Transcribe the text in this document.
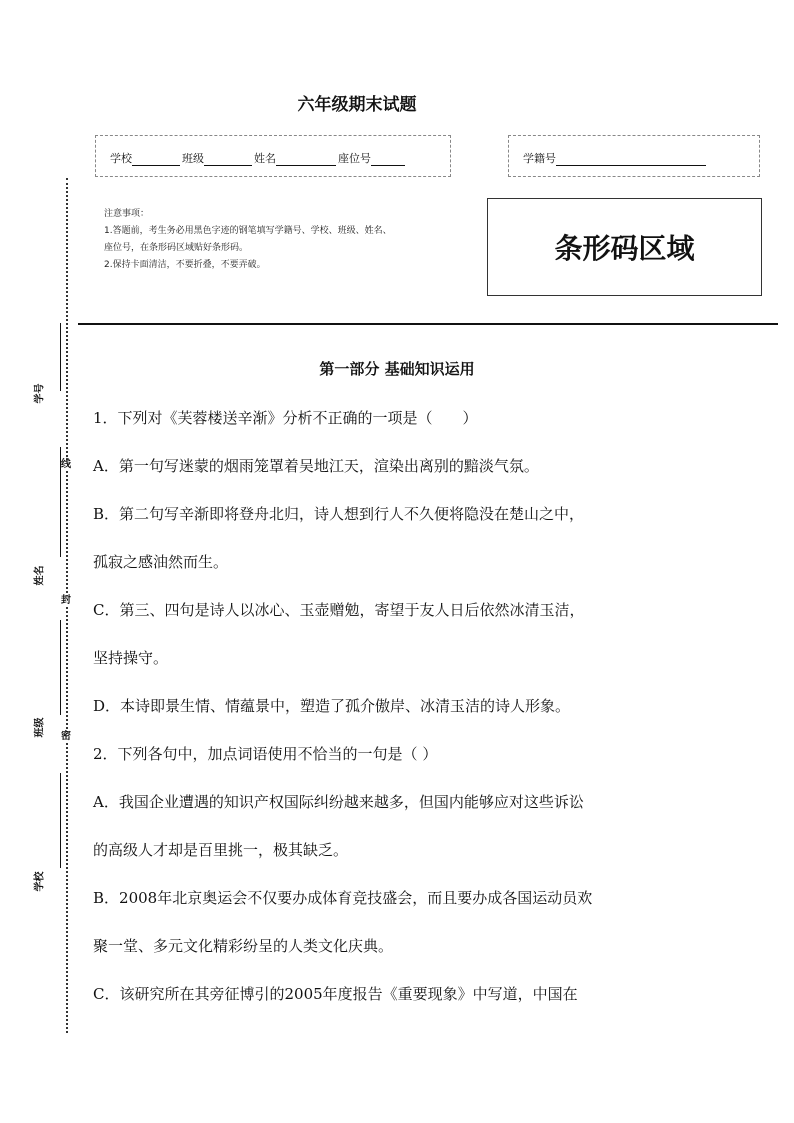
六年级期末试题
学校	班级	姓名	座位号	学籍号
注意事项：
1.答题前，考生务必用黑色字迹的钢笔填写学籍号、学校、班级、姓名、
座位号，在条形码区域贴好条形码。
2.保持卡面清洁，不要折叠，不要弄破。	条形码区域
线
封
密
学号
姓名
班级
学校
第一部分 基础知识运用
1．下列对《芙蓉楼送辛渐》分析不正确的一项是（　　）
A．第一句写迷蒙的烟雨笼罩着吴地江天，渲染出离别的黯淡气氛。
B．第二句写辛渐即将登舟北归，诗人想到行人不久便将隐没在楚山之中，
孤寂之感油然而生。
C．第三、四句是诗人以冰心、玉壶赠勉，寄望于友人日后依然冰清玉洁，
坚持操守。
D．本诗即景生情、情蕴景中，塑造了孤介傲岸、冰清玉洁的诗人形象。
2．下列各句中，加点词语使用不恰当的一句是（ ）
A．我国企业遭遇的知识产权国际纠纷越来越多，但国内能够应对这些诉讼
的高级人才却是百里挑一，极其缺乏。
B．2008年北京奥运会不仅要办成体育竞技盛会，而且要办成各国运动员欢
聚一堂、多元文化精彩纷呈的人类文化庆典。
C．该研究所在其旁征博引的2005年度报告《重要现象》中写道，中国在
